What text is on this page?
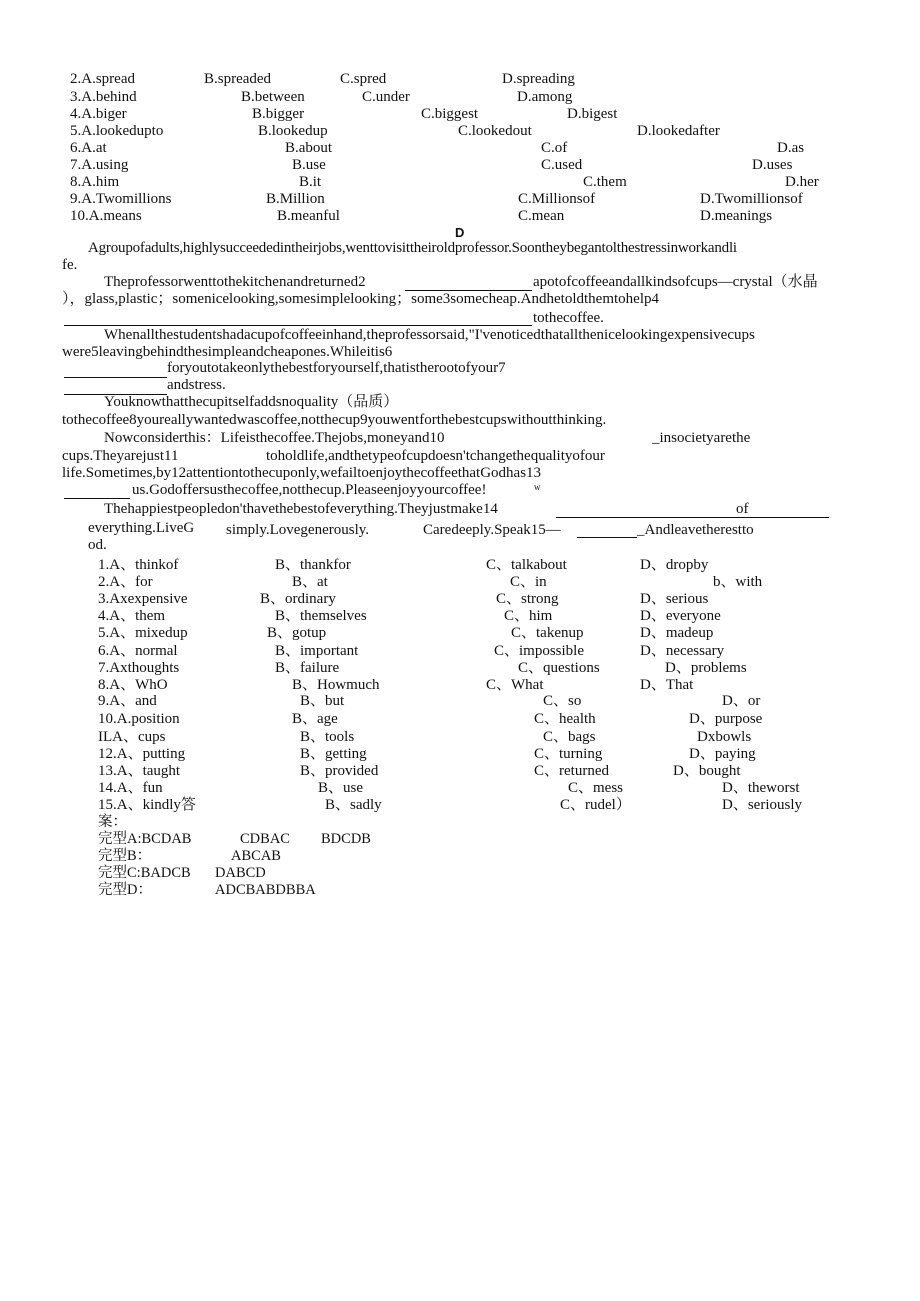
2.A.spread	B.spreaded	C.spred	D.spreading
3.A.behind	B.between	C.under	D.among
4.A.biger	B.bigger	C.biggest	D.bigest
5.A.lookedupto	B.lookedup	C.lookedout	D.lookedafter
6.A.at	B.about	C.of	D.as
7.A.using	B.use	C.used	D.uses
8.A.him	B.it	C.them	D.her
9.A.Twomillions	B.Million	C.Millionsof	D.Twomillionsof
10.A.means	B.meanful	C.mean	D.meanings
D
Agroupofadults,highlysucceededintheirjobs,wenttovisittheiroldprofessor.Soontheybegantolthestressinworkandli
fe.
Theprofessorwenttothekitchenandreturned2	apotofcoffeeandallkindsofcups—crystal（水晶
），glass,plastic；somenicelooking,somesimplelooking；some3somecheap.Andhetoldthemtohelp4
tothecoffee.
Whenallthestudentshadacupofcoffeeinhand,theprofessorsaid,"I'venoticedthatallthenicelookingexpensivecups
were5leavingbehindthesimpleandcheapones.Whileitis6
foryoutotakeonlythebestforyourself,thatistherootofyour7
andstress.
Youknowthatthecupitselfaddsnoquality（品质）
tothecoffee8youreallywantedwascoffee,notthecup9youwentforthebestcupswithoutthinking.
Nowconsiderthis：Lifeisthecoffee.Thejobs,moneyand10	_insocietyarethe
cups.Theyarejust11	toholdlife,andthetypeofcupdoesn'tchangethequalityofour
life.Sometimes,by12attentiontothecuponly,wefailtoenjoythecoffeethatGodhas13
us.Godoffersusthecoffee,notthecup.Pleaseenjoyyourcoffee!	w
Thehappiestpeopledon'thavethebestofeverything.Theyjustmake14	of
everything.LiveG simply.Lovegenerously.	Caredeeply.Speak15—	_Andleavetheresttо
od.
1.A、thinkof	B、thankfor	C、talkabout	D、dropby
2.A、for	B、at	C、in	b、with
3.Axexpensive	B、ordinary	C、strong	D、serious
4.A、them	B、themselves	C、him	D、everyone
5.A、mixedup	B、gotup	C、takenup	D、madeup
6.A、normal	B、important	C、impossible	D、necessary
7.Axthoughts	B、failure	C、questions	D、problems
8.A、WhO	B、Howmuch	C、What	D、That
9.A、and	B、but	C、so	D、or
10.A.position	B、age	C、health	D、purpose
ILA、cups	B、tools	C、bags	Dxbowls
12.A、putting	B、getting	C、turning	D、paying
13.A、taught	B、provided	C、returned	D、bought
14.A、fun	B、use	C、mess	D、theworst
15.A、kindly答	B、sadly	C、rudel）	D、seriously
案：
完型A:BCDAB	CDBAC BDCDB
完型B：	ABCAB
完型C:BADCB DABCD
完型D：	ADCBABDBBA
